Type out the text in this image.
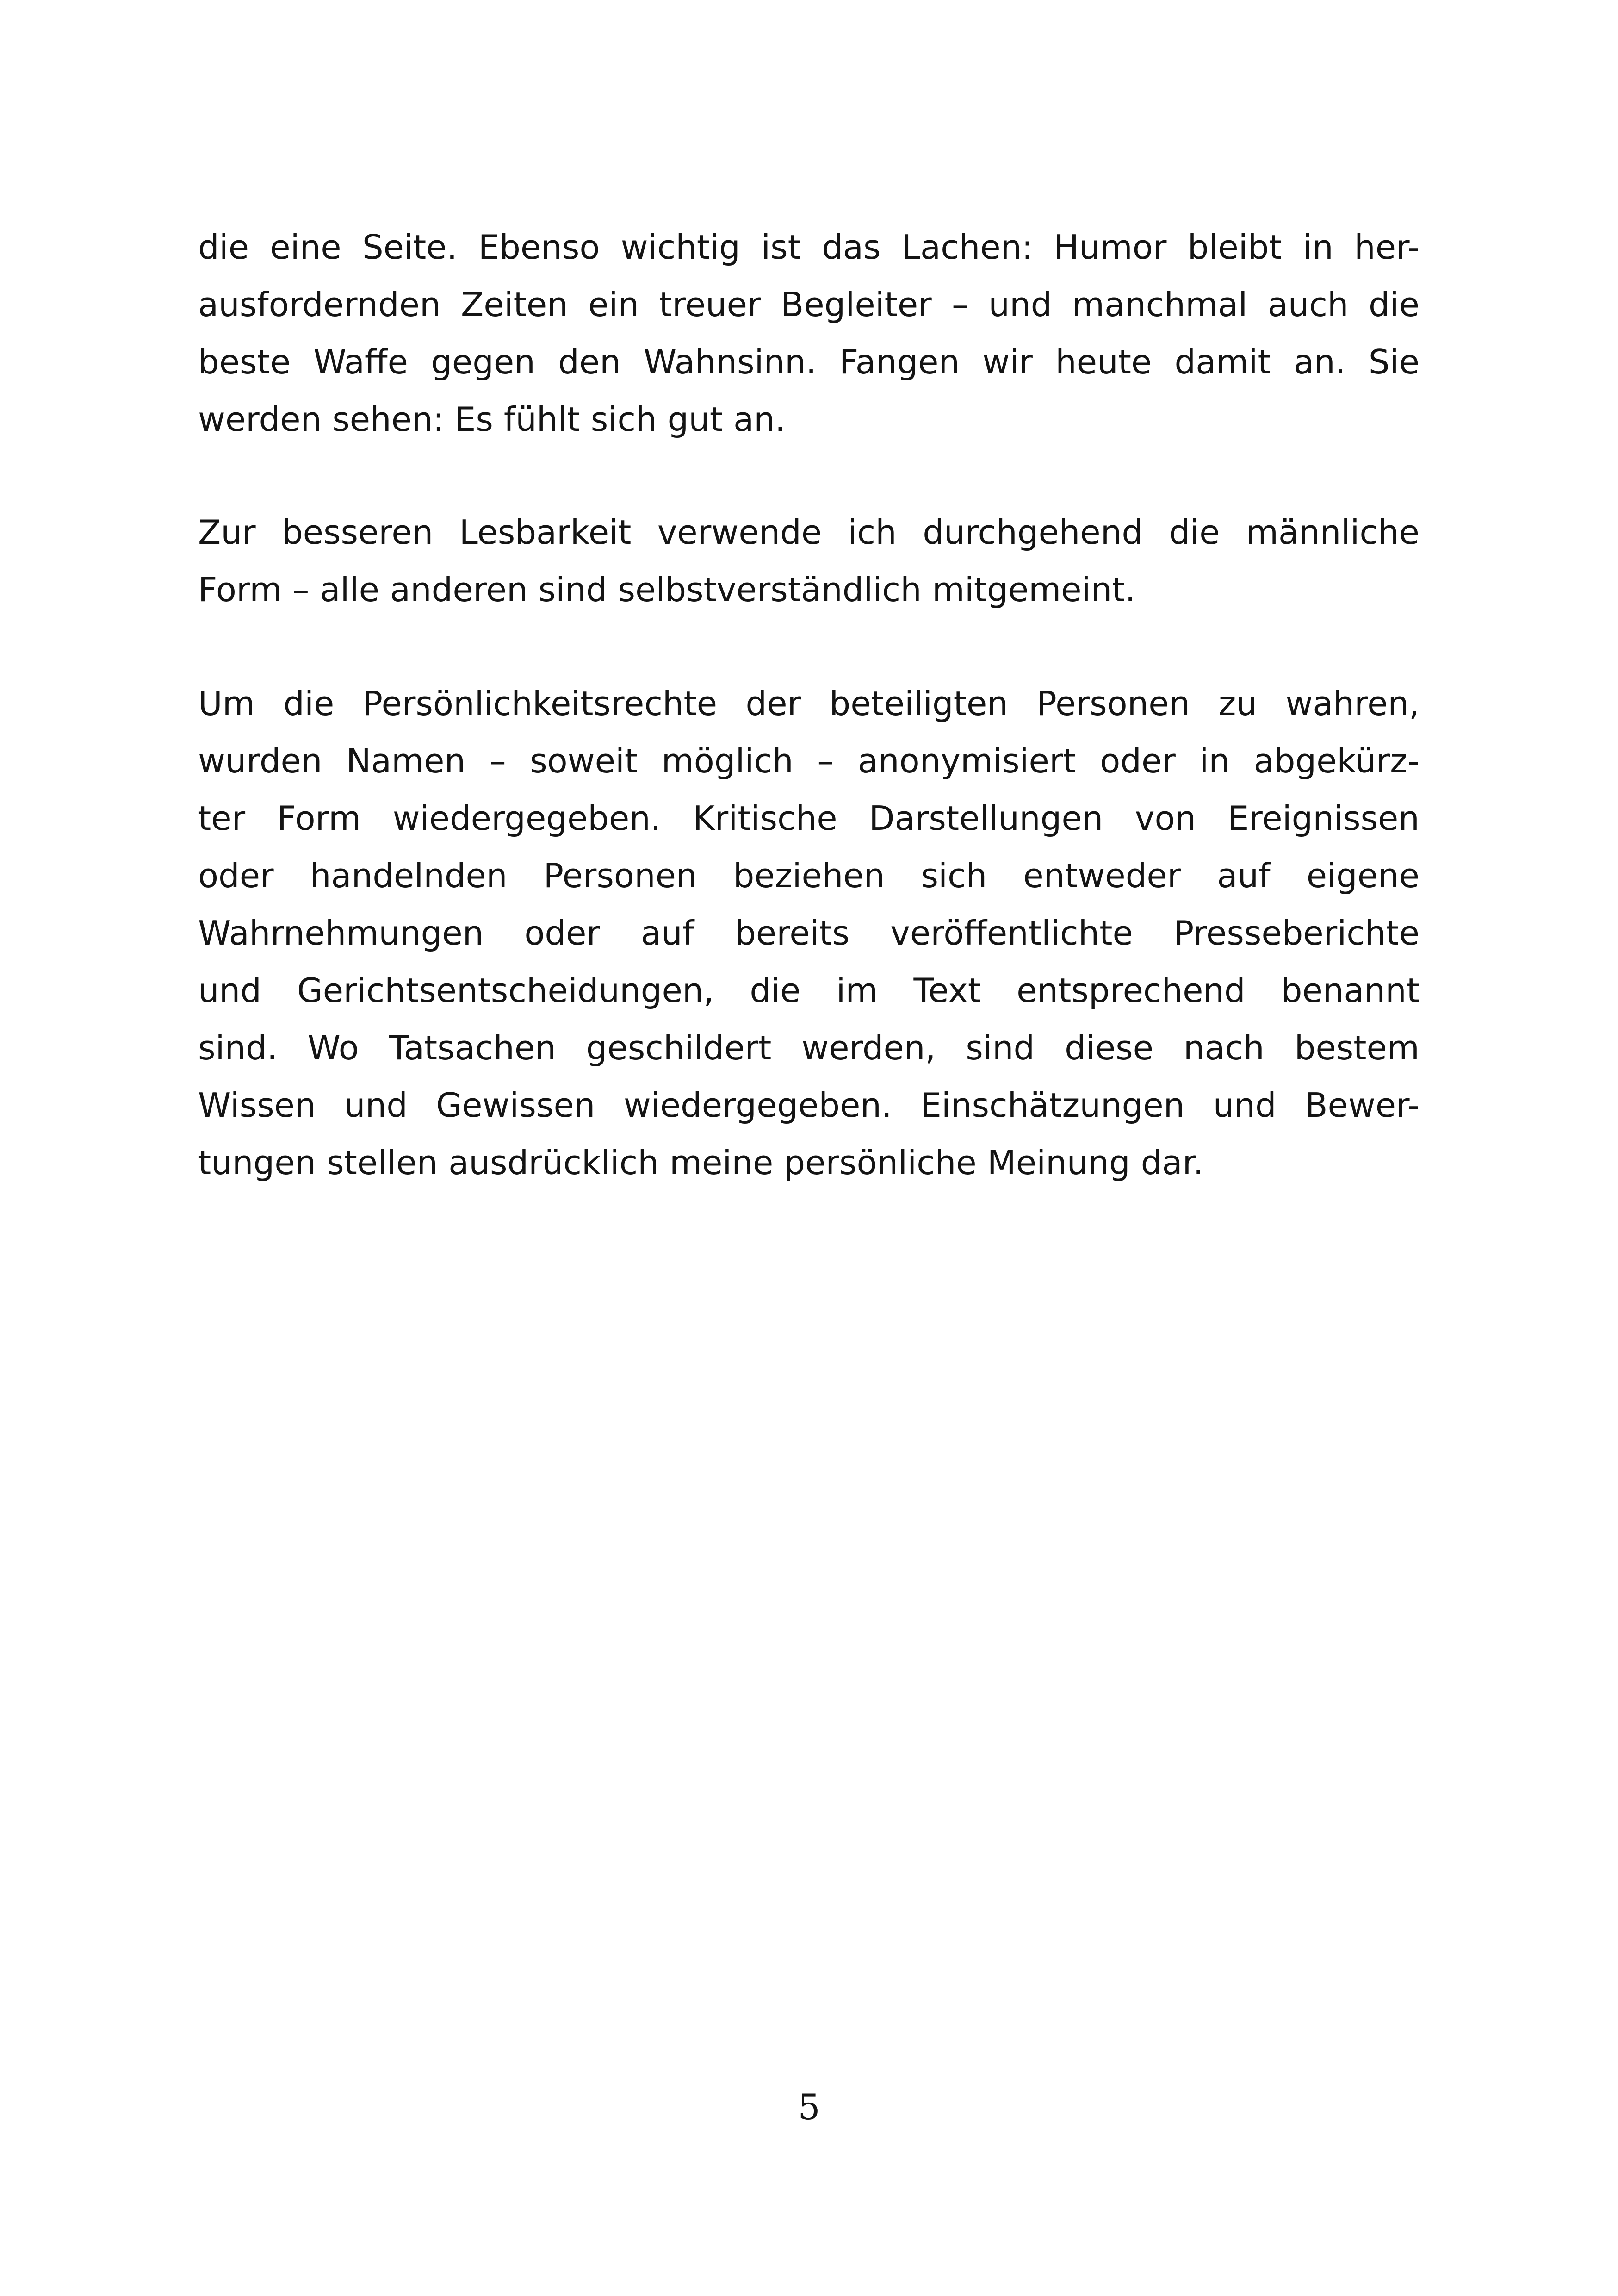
die eine Seite. Ebenso wichtig ist das Lachen: Humor bleibt in her-
ausfordernden Zeiten ein treuer Begleiter – und manchmal auch die
beste Waffe gegen den Wahnsinn. Fangen wir heute damit an. Sie
werden sehen: Es fühlt sich gut an.
Zur besseren Lesbarkeit verwende ich durchgehend die männliche
Form – alle anderen sind selbstverständlich mitgemeint.
Um die Persönlichkeitsrechte der beteiligten Personen zu wahren,
wurden Namen – soweit möglich – anonymisiert oder in abgekürz-
ter Form wiedergegeben. Kritische Darstellungen von Ereignissen
oder handelnden Personen beziehen sich entweder auf eigene
Wahrnehmungen oder auf bereits veröffentlichte Presseberichte
und Gerichtsentscheidungen, die im Text entsprechend benannt
sind. Wo Tatsachen geschildert werden, sind diese nach bestem
Wissen und Gewissen wiedergegeben. Einschätzungen und Bewer-
tungen stellen ausdrücklich meine persönliche Meinung dar.
5
